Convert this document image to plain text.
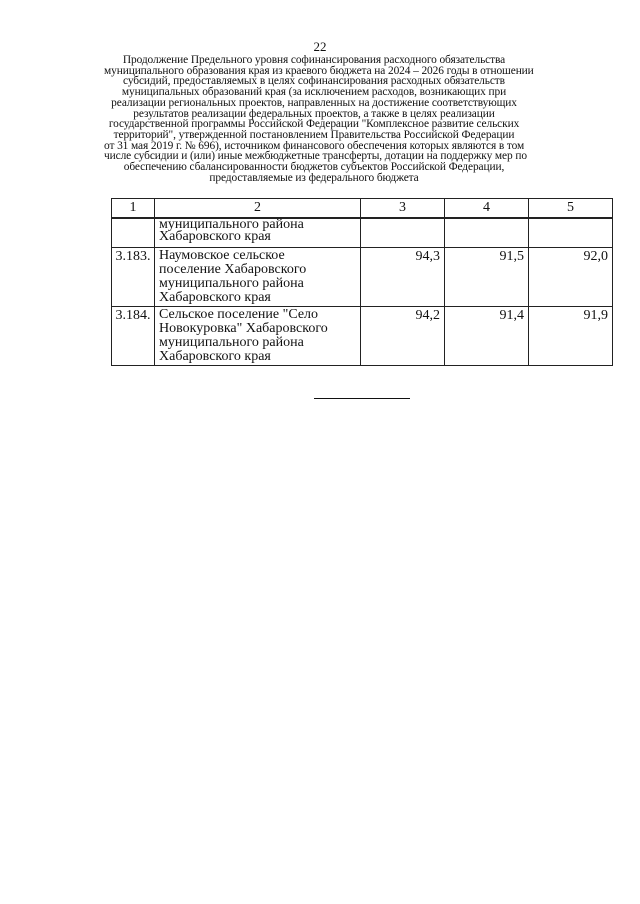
22
Продолжение Предельного уровня софинансирования расходного обязательства
муниципального образования края из краевого бюджета на 2024 – 2026 годы в отношении
субсидий, предоставляемых в целях софинансирования расходных обязательств
муниципальных образований края (за исключением расходов, возникающих при
реализации региональных проектов, направленных на достижение соответствующих
результатов реализации федеральных проектов, а также в целях реализации
государственной программы Российской Федерации "Комплексное развитие сельских
территорий", утвержденной постановлением Правительства Российской Федерации
от 31 мая 2019 г. № 696), источником финансового обеспечения которых являются в том
числе субсидии и (или) иные межбюджетные трансферты, дотации на поддержку мер по
обеспечению сбалансированности бюджетов субъектов Российской Федерации,
предоставляемые из федерального бюджета
1	2	3	4	5

	муниципального района
Хабаровского края			

3.183.	Наумовское сельское
поселение Хабаровского
муниципального района
Хабаровского края	94,3	91,5	92,0
3.184.	Сельское поселение "Село
Новокуровка" Хабаровского
муниципального района
Хабаровского края	94,2	91,4	91,9
